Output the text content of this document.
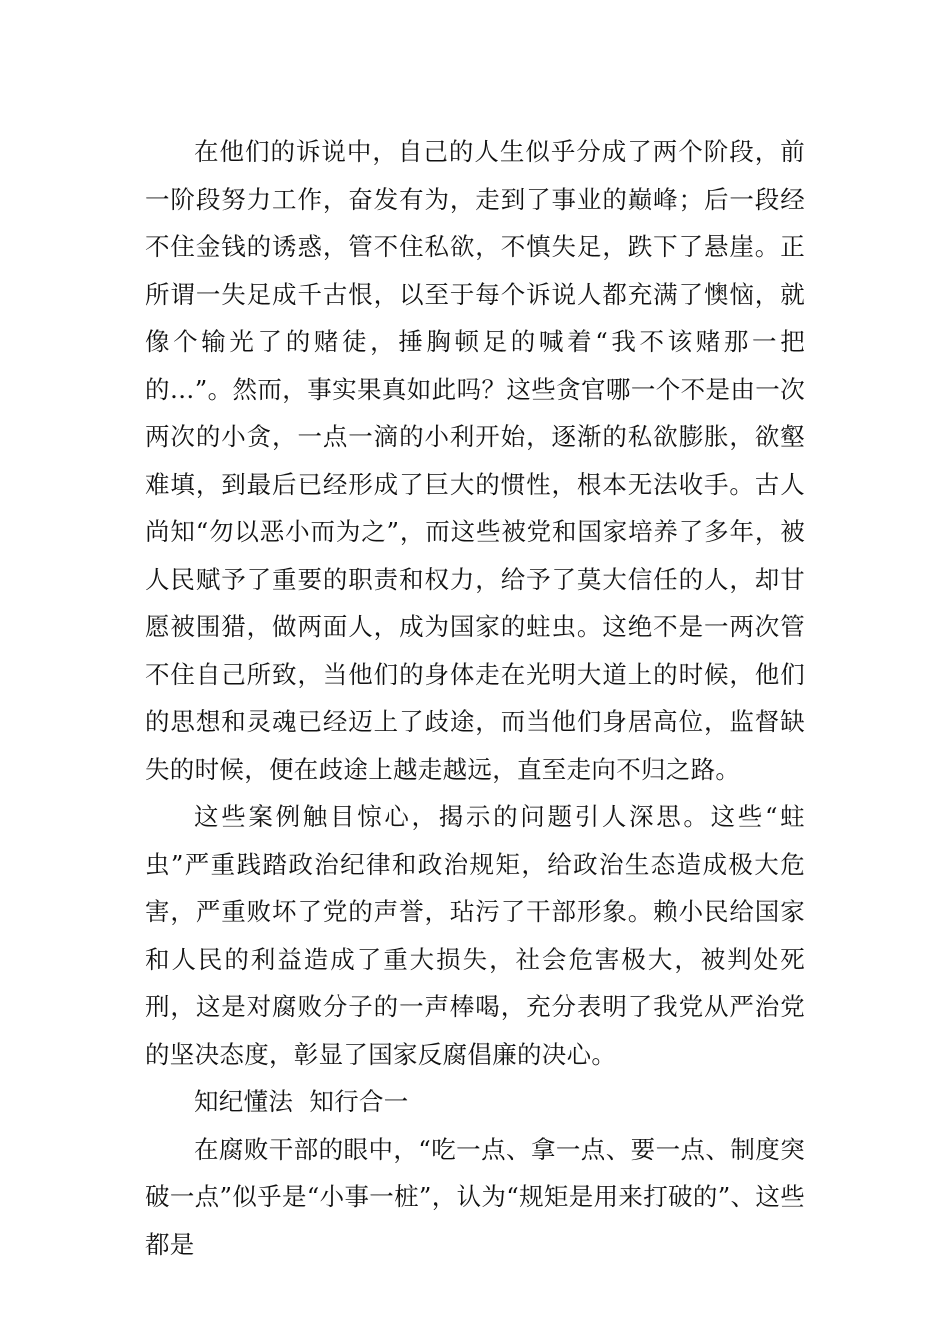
在他们的诉说中，自己的人生似乎分成了两个阶段，前一阶段努力工作，奋发有为，走到了事业的巅峰；后一段经不住金钱的诱惑，管不住私欲，不慎失足，跌下了悬崖。正所谓一失足成千古恨，以至于每个诉说人都充满了懊恼，就像个输光了的赌徒，捶胸顿足的喊着“我不该赌那一把的…”。然而，事实果真如此吗？这些贪官哪一个不是由一次两次的小贪，一点一滴的小利开始，逐渐的私欲膨胀，欲壑难填，到最后已经形成了巨大的惯性，根本无法收手。古人尚知“勿以恶小而为之”，而这些被党和国家培养了多年，被人民赋予了重要的职责和权力，给予了莫大信任的人，却甘愿被围猎，做两面人，成为国家的蛀虫。这绝不是一两次管不住自己所致，当他们的身体走在光明大道上的时候，他们的思想和灵魂已经迈上了歧途，而当他们身居高位，监督缺失的时候，便在歧途上越走越远，直至走向不归之路。

这些案例触目惊心，揭示的问题引人深思。这些“蛀虫”严重践踏政治纪律和政治规矩，给政治生态造成极大危害，严重败坏了党的声誉，玷污了干部形象。赖小民给国家和人民的利益造成了重大损失，社会危害极大，被判处死刑，这是对腐败分子的一声棒喝，充分表明了我党从严治党的坚决态度，彰显了国家反腐倡廉的决心。

知纪懂法  知行合一

在腐败干部的眼中，“吃一点、拿一点、要一点、制度突破一点”似乎是“小事一桩”，认为“规矩是用来打破的”、这些都是
